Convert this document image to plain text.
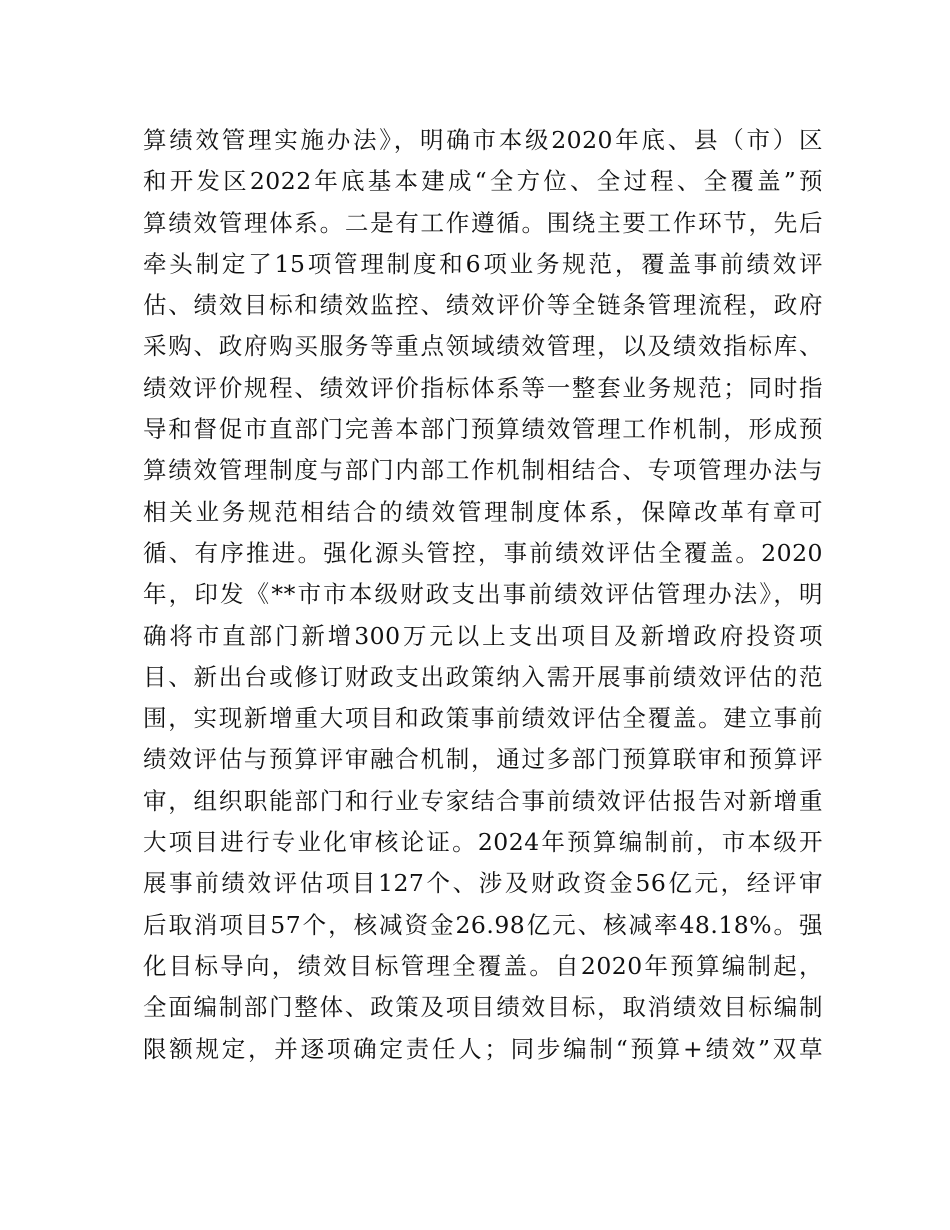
算绩效管理实施办法》，明确市本级2020年底、县（市）区
和开发区2022年底基本建成“全方位、全过程、全覆盖”预
算绩效管理体系。二是有工作遵循。围绕主要工作环节，先后
牵头制定了15项管理制度和6项业务规范，覆盖事前绩效评
估、绩效目标和绩效监控、绩效评价等全链条管理流程，政府
采购、政府购买服务等重点领域绩效管理，以及绩效指标库、
绩效评价规程、绩效评价指标体系等一整套业务规范；同时指
导和督促市直部门完善本部门预算绩效管理工作机制，形成预
算绩效管理制度与部门内部工作机制相结合、专项管理办法与
相关业务规范相结合的绩效管理制度体系，保障改革有章可
循、有序推进。强化源头管控，事前绩效评估全覆盖。2020
年，印发《**市市本级财政支出事前绩效评估管理办法》，明
确将市直部门新增300万元以上支出项目及新增政府投资项
目、新出台或修订财政支出政策纳入需开展事前绩效评估的范
围，实现新增重大项目和政策事前绩效评估全覆盖。建立事前
绩效评估与预算评审融合机制，通过多部门预算联审和预算评
审，组织职能部门和行业专家结合事前绩效评估报告对新增重
大项目进行专业化审核论证。2024年预算编制前，市本级开
展事前绩效评估项目127个、涉及财政资金56亿元，经评审
后取消项目57个，核减资金26.98亿元、核减率48.18%。强
化目标导向，绩效目标管理全覆盖。自2020年预算编制起，
全面编制部门整体、政策及项目绩效目标，取消绩效目标编制
限额规定，并逐项确定责任人；同步编制“预算+绩效”双草
